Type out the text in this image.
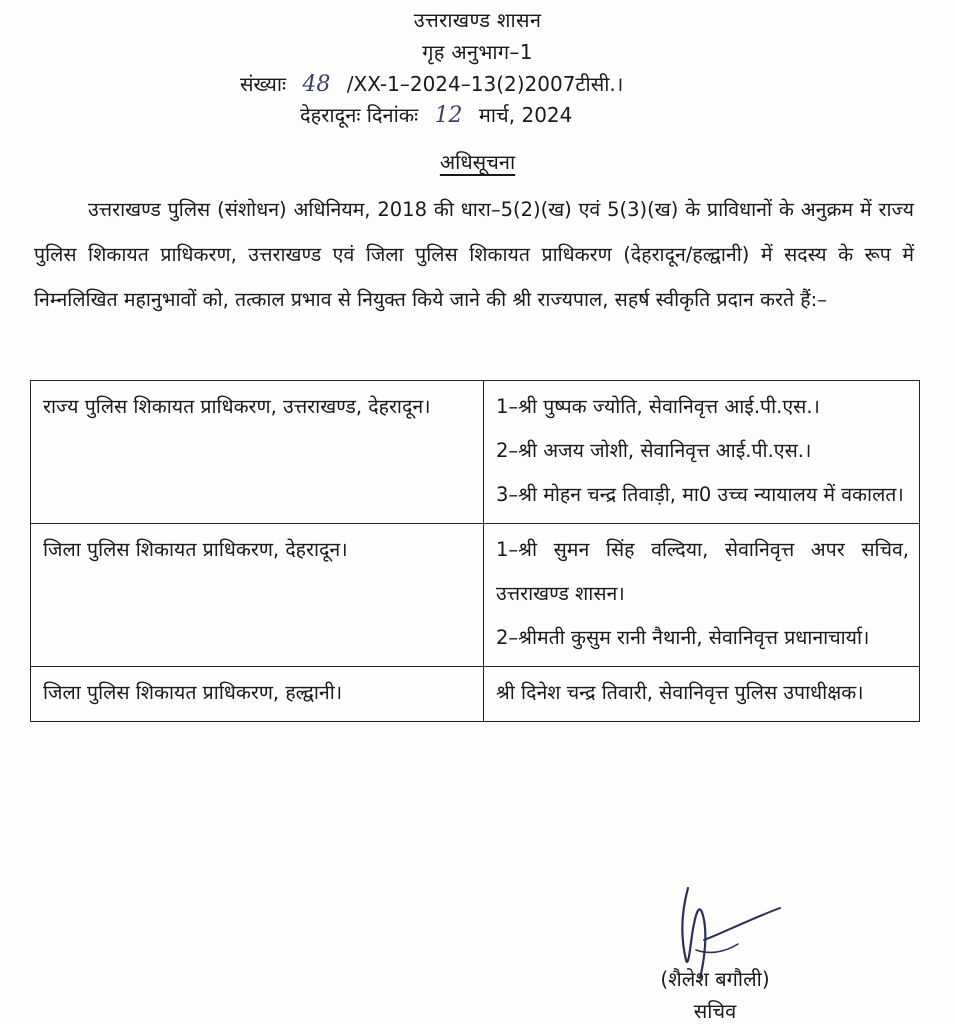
उत्तराखण्ड शासन
गृह अनुभाग–1
संख्याः 48 /XX-1–2024–13(2)2007टीसी.।
देहरादूनः दिनांकः 12 मार्च, 2024
अधिसूचना
उत्तराखण्ड पुलिस (संशोधन) अधिनियम, 2018 की धारा–5(2)(ख) एवं 5(3)(ख) के प्राविधानों के अनुक्रम में राज्य पुलिस शिकायत प्राधिकरण, उत्तराखण्ड एवं जिला पुलिस शिकायत प्राधिकरण (देहरादून/हल्द्वानी) में सदस्य के रूप में निम्नलिखित महानुभावों को, तत्काल प्रभाव से नियुक्त किये जाने की श्री राज्यपाल, सहर्ष स्वीकृति प्रदान करते हैं:–
राज्य पुलिस शिकायत प्राधिकरण, उत्तराखण्ड, देहरादून।	1–श्री पुष्पक ज्योति, सेवानिवृत्त आई.पी.एस.।
2–श्री अजय जोशी, सेवानिवृत्त आई.पी.एस.।
3–श्री मोहन चन्द्र तिवाड़ी, मा0 उच्च न्यायालय में वकालत।

जिला पुलिस शिकायत प्राधिकरण, देहरादून।	1–श्री सुमन सिंह वल्दिया, सेवानिवृत्त अपर सचिव, उत्तराखण्ड शासन।
2–श्रीमती कुसुम रानी नैथानी, सेवानिवृत्त प्रधानाचार्या।

जिला पुलिस शिकायत प्राधिकरण, हल्द्वानी।	श्री दिनेश चन्द्र तिवारी, सेवानिवृत्त पुलिस उपाधीक्षक।
(शैलेश बगौली)
सचिव
